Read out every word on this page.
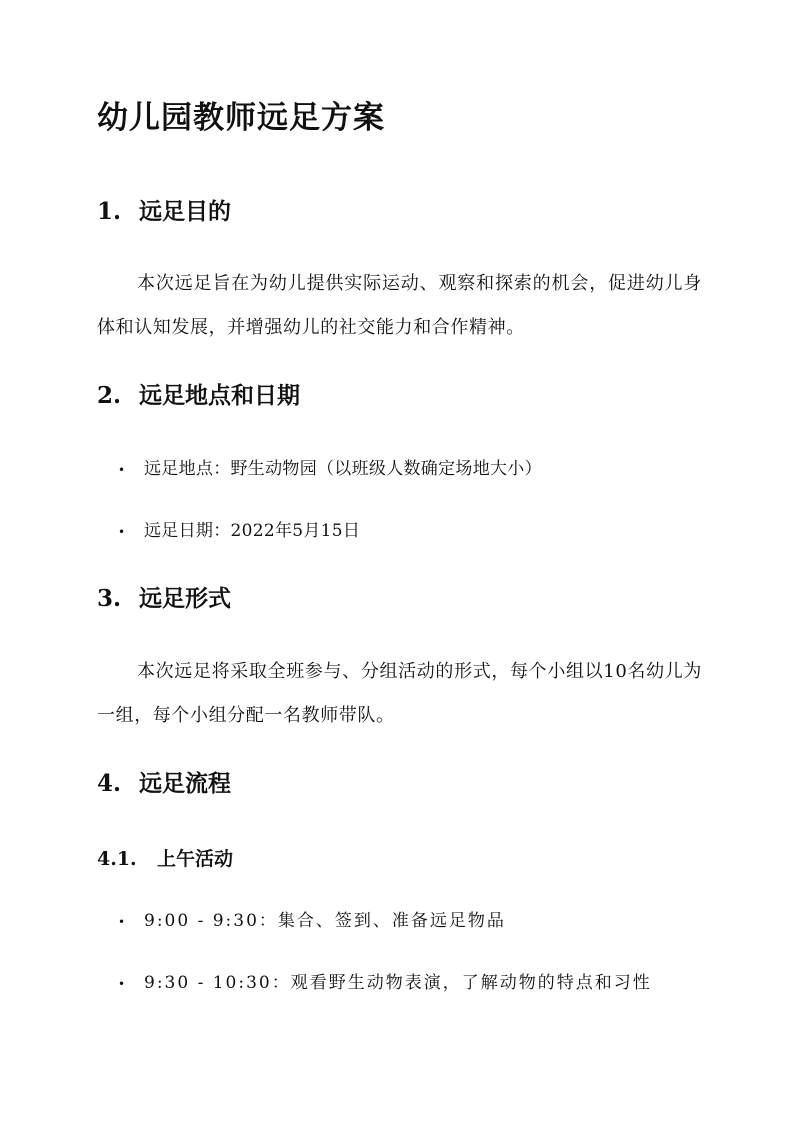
幼儿园教师远足方案
1. 远足目的

本次远足旨在为幼儿提供实际运动、观察和探索的机会，促进幼儿身体和认知发展，并增强幼儿的社交能力和合作精神。

2. 远足地点和日期

• 远足地点：野生动物园（以班级人数确定场地大小）

• 远足日期：2022年5月15日

3. 远足形式

本次远足将采取全班参与、分组活动的形式，每个小组以10名幼儿为一组，每个小组分配一名教师带队。

4. 远足流程
4.1. 上午活动

• 9:00 - 9:30：集合、签到、准备远足物品

• 9:30 - 10:30：观看野生动物表演，了解动物的特点和习性
